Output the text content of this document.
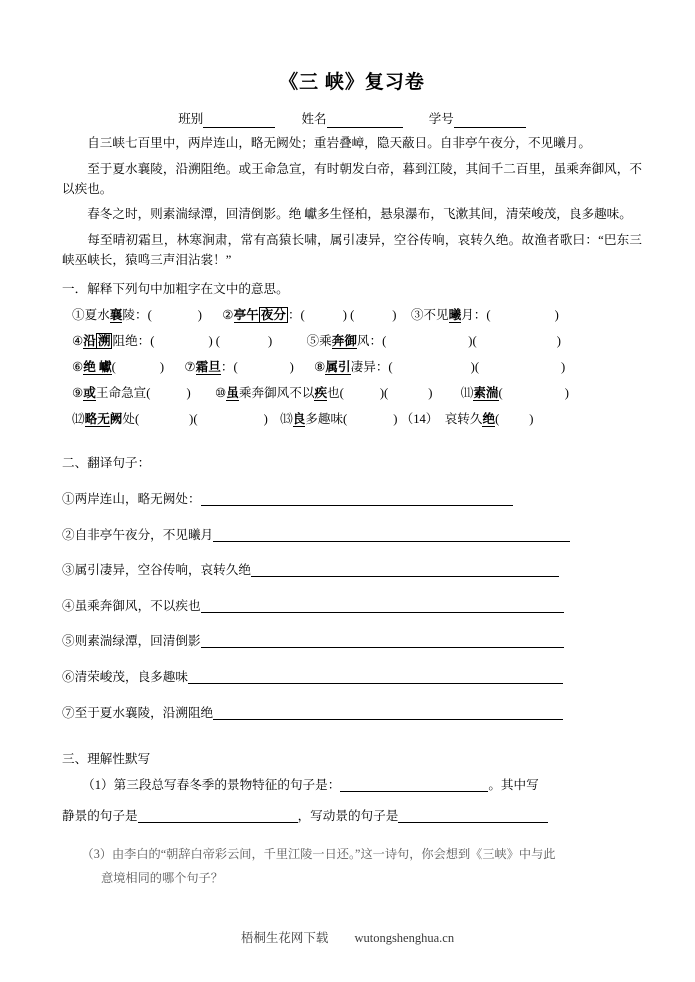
《三 峡》复习卷
班别	姓名	学号
自三峡七百里中，两岸连山，略无阙处；重岩叠嶂，隐天蔽日。自非亭午夜分，不见曦月。
至于夏水襄陵，沿溯阻绝。或王命急宣，有时朝发白帝，暮到江陵，其间千二百里，虽乘奔御风，不以疾也。
春冬之时，则素湍绿潭，回清倒影。绝 巘多生怪柏，悬泉瀑布，飞漱其间，清荣峻茂，良多趣味。
每至晴初霜旦，林寒涧肃，常有高猿长啸，属引凄异，空谷传响，哀转久绝。故渔者歌曰：“巴东三峡巫峡长，猿鸣三声泪沾裳！”
一．解释下列句中加粗字在文中的意思。
①夏水襄陵：(	) ②亭午 夜分 ：(	) (	) ③不见曦月：(	)
④沿 溯 阻绝：(	) (	)	⑤乘奔御风：(	)(	)
⑥绝 巘(	) ⑦霜旦：(	) ⑧属引凄异：(	)(	)
⑨或王命急宣(	) ⑩虽乘奔御风不以疾也(	)(	) ⑾素湍(	)
⑿略无阙处(	)(	) ⒀良多趣味(	) （14） 哀转久绝( )
二、翻译句子：
①两岸连山，略无阙处：
②自非亭午夜分，不见曦月
③属引凄异，空谷传响，哀转久绝
④虽乘奔御风，不以疾也
⑤则素湍绿潭，回清倒影
⑥清荣峻茂，良多趣味
⑦至于夏水襄陵，沿溯阻绝
三、理解性默写
（1）第三段总写春冬季的景物特征的句子是：	。其中写
静景的句子是	，写动景的句子是
（3）由李白的“朝辞白帝彩云间，千里江陵一日还。”这一诗句，你会想到《三峡》中与此
意境相同的哪个句子？
梧桐生花网下载 wutongshenghua.cn
